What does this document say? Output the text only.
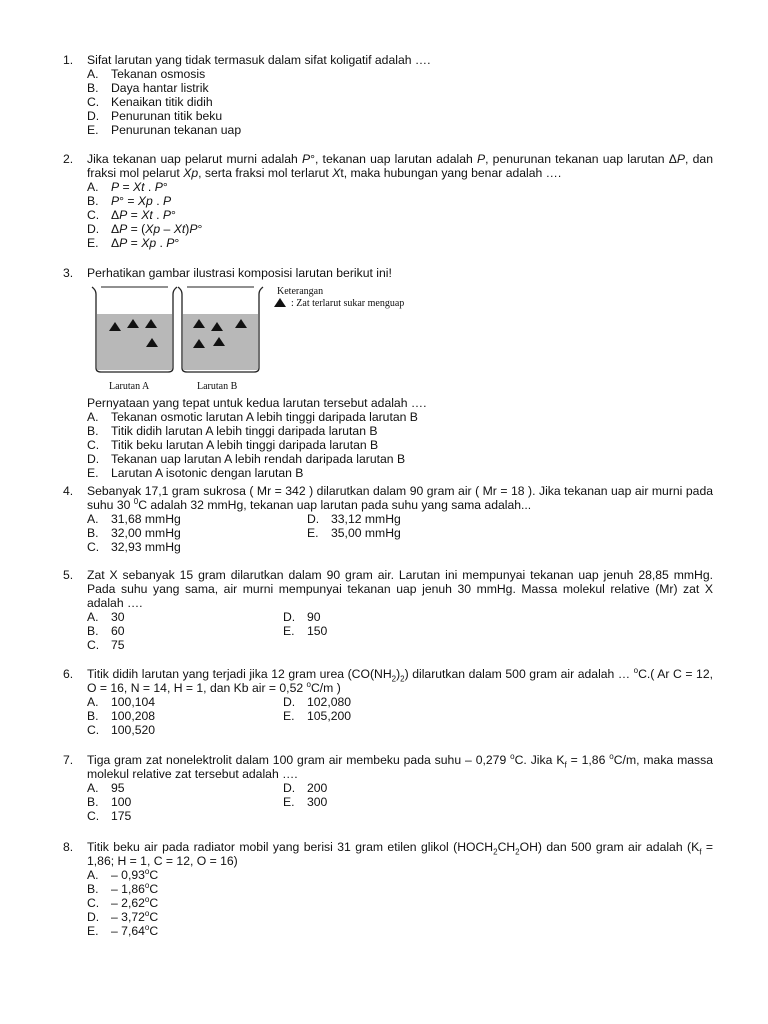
1.	Sifat larutan yang tidak termasuk dalam sifat koligatif adalah ….
A.	Tekanan osmosis
B.	Daya hantar listrik
C. Kenaikan titik didih
D. Penurunan titik beku
E.	Penurunan tekanan uap
2.	Jika tekanan uap pelarut murni adalah P°, tekanan uap larutan adalah P, penurunan tekanan uap larutan ΔP, dan fraksi mol pelarut Xp, serta fraksi mol terlarut Xt, maka hubungan yang benar adalah ….
A.	P = Xt . P°
B.	P° = Xp . P
C. ΔP = Xt . P°
D. ΔP = (Xp – Xt)P°
E.	ΔP = Xp . P°
3.	Perhatikan gambar ilustrasi komposisi larutan berikut ini!
Keterangan
: Zat terlarut sukar menguap
Larutan A	Larutan B
Pernyataan yang tepat untuk kedua larutan tersebut adalah ….
A.	Tekanan osmotic larutan A lebih tinggi daripada larutan B
B.	Titik didih larutan A lebih tinggi daripada larutan B
C. Titik beku larutan A lebih tinggi daripada larutan B
D. Tekanan uap larutan A lebih rendah daripada larutan B
E.	Larutan A isotonic dengan larutan B
4.	Sebanyak 17,1 gram sukrosa ( Mr = 342 ) dilarutkan dalam 90 gram air ( Mr = 18 ). Jika tekanan uap air murni pada suhu 30 $^0$C adalah 32 mmHg, tekanan uap larutan pada suhu yang sama adalah...
A.	31,68 mmHg	D. 33,12 mmHg
B.	32,00 mmHg	E.	35,00 mmHg
C. 32,93 mmHg
5.	Zat X sebanyak 15 gram dilarutkan dalam 90 gram air. Larutan ini mempunyai tekanan uap jenuh 28,85 mmHg. Pada suhu yang sama, air murni mempunyai tekanan uap jenuh 30 mmHg. Massa molekul relative (Mr) zat X adalah ….
A.	30	D. 90
B.	60	E.	150
C. 75
6.	Titik didih larutan yang terjadi jika 12 gram urea $(CO(NH_2)_2)$ dilarutkan dalam 500 gram air adalah … $^o$C.( Ar C = 12, O = 16, N = 14, H = 1, dan Kb air = 0,52 $^o$C/m )
A.	100,104	D. 102,080
B.	100,208	E.	105,200
C. 100,520
7.	Tiga gram zat nonelektrolit dalam 100 gram air membeku pada suhu – 0,279 $^o$C. Jika $K_f = 1,86$ $^o$C/m, maka massa molekul relative zat tersebut adalah ….
A.	95	D. 200
B.	100	E.	300
C. 175
8.	Titik beku air pada radiator mobil yang berisi 31 gram etilen glikol $(HOCH_2CH_2OH)$ dan 500 gram air adalah ($K_f = 1,86$; H = 1, C = 12, O = 16)
A.	– 0,93$^o$C
B.	– 1,86$^o$C
C. – 2,62$^o$C
D. – 3,72$^o$C
E.	– 7,64$^o$C
